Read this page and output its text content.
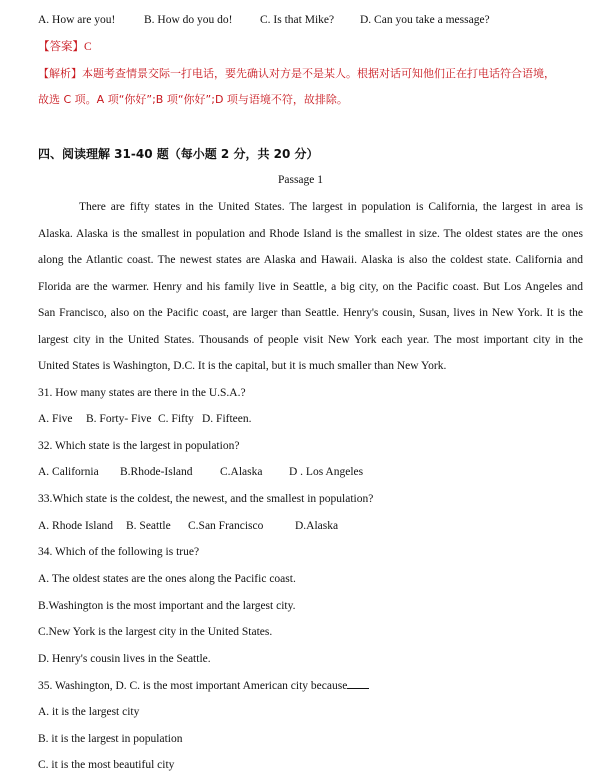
A. How are you! B. How do you do! C. Is that Mike? D. Can you take a message?
【答案】C
【解析】本题考查情景交际一打电话，要先确认对方是不是某人。根据对话可知他们正在打电话符合语境，
故选 C 项。A 项“你好”;B 项“你好”;D 项与语境不符，故排除。
四、阅读理解 31-40 题（每小题 2 分，共 20 分）
Passage 1
There are fifty states in the United States. The largest in population is California, the largest in area is
Alaska. Alaska is the smallest in population and Rhode Island is the smallest in size. The oldest states are the ones
along the Atlantic coast. The newest states are Alaska and Hawaii. Alaska is also the coldest state. California and
Florida are the warmer. Henry and his family live in Seattle, a big city, on the Pacific coast. But Los Angeles and
San Francisco, also on the Pacific coast, are larger than Seattle. Henry's cousin, Susan, lives in New York. It is the
largest city in the United States. Thousands of people visit New York each year. The most important city in the
United States is Washington, D.C. It is the capital, but it is much smaller than New York.
31. How many states are there in the U.S.A.?
A. Five B. Forty- Five C. Fifty D. Fifteen.
32. Which state is the largest in population?
A. California B.Rhode-Island C.Alaska D . Los Angeles
33.Which state is the coldest, the newest, and the smallest in population?
A. Rhode Island B. Seattle C.San Francisco	D.Alaska
34. Which of the following is true?
A. The oldest states are the ones along the Pacific coast.
B.Washington is the most important and the largest city.
C.New York is the largest city in the United States.
D. Henry's cousin lives in the Seattle.
35. Washington, D. C. is the most important American city because
A. it is the largest city
B. it is the largest in population
C. it is the most beautiful city
